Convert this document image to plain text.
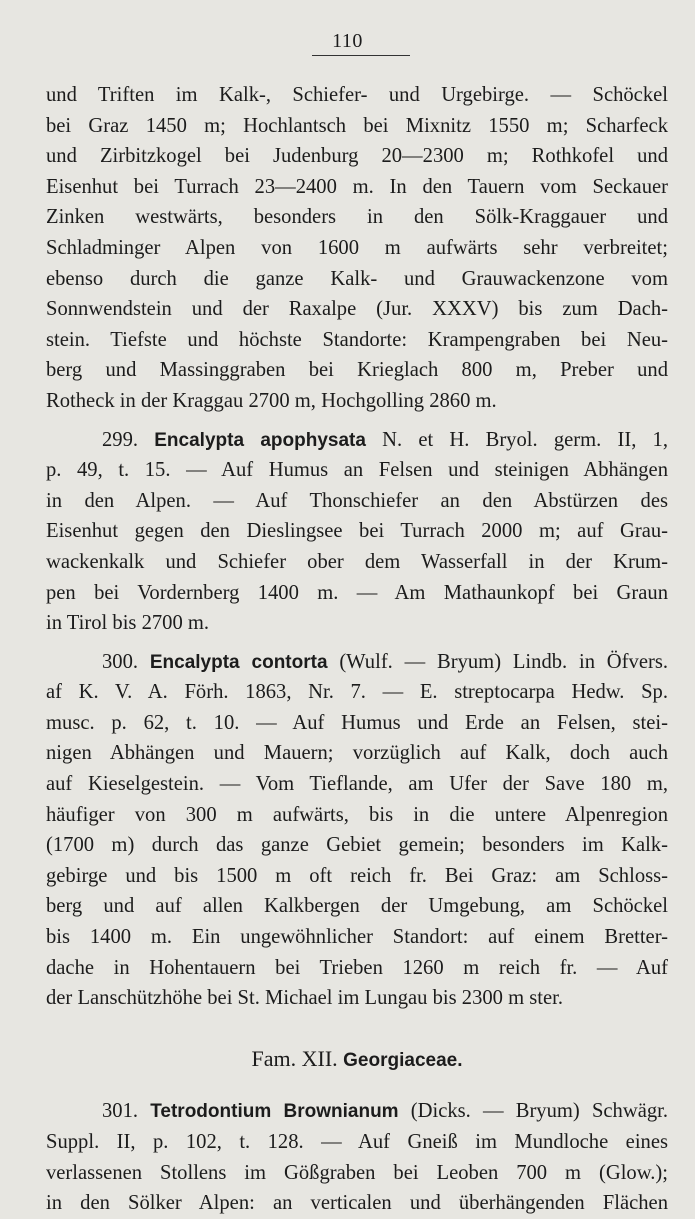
110
und Triften im Kalk-, Schiefer- und Urgebirge. — Schöckel
bei Graz 1450 m; Hochlantsch bei Mixnitz 1550 m; Scharfeck
und Zirbitzkogel bei Judenburg 20—2300 m; Rothkofel und
Eisenhut bei Turrach 23—2400 m. In den Tauern vom Seckauer
Zinken westwärts, besonders in den Sölk-Kraggauer und
Schladminger Alpen von 1600 m aufwärts sehr verbreitet;
ebenso durch die ganze Kalk- und Grauwackenzone vom
Sonnwendstein und der Raxalpe (Jur. XXXV) bis zum Dach-
stein. Tiefste und höchste Standorte: Krampengraben bei Neu-
berg und Massinggraben bei Krieglach 800 m, Preber und
Rotheck in der Kraggau 2700 m, Hochgolling 2860 m.
299. Encalypta apophysata N. et H. Bryol. germ. II, 1,
p. 49, t. 15. — Auf Humus an Felsen und steinigen Abhängen
in den Alpen. — Auf Thonschiefer an den Abstürzen des
Eisenhut gegen den Dieslingsee bei Turrach 2000 m; auf Grau-
wackenkalk und Schiefer ober dem Wasserfall in der Krum-
pen bei Vordernberg 1400 m. — Am Mathaunkopf bei Graun
in Tirol bis 2700 m.
300. Encalypta contorta (Wulf. — Bryum) Lindb. in Öfvers.
af K. V. A. Förh. 1863, Nr. 7. — E. streptocarpa Hedw. Sp.
musc. p. 62, t. 10. — Auf Humus und Erde an Felsen, stei-
nigen Abhängen und Mauern; vorzüglich auf Kalk, doch auch
auf Kieselgestein. — Vom Tieflande, am Ufer der Save 180 m,
häufiger von 300 m aufwärts, bis in die untere Alpenregion
(1700 m) durch das ganze Gebiet gemein; besonders im Kalk-
gebirge und bis 1500 m oft reich fr. Bei Graz: am Schloss-
berg und auf allen Kalkbergen der Umgebung, am Schöckel
bis 1400 m. Ein ungewöhnlicher Standort: auf einem Bretter-
dache in Hohentauern bei Trieben 1260 m reich fr. — Auf
der Lanschützhöhe bei St. Michael im Lungau bis 2300 m ster.
Fam. XII. Georgiaceae.
301. Tetrodontium Brownianum (Dicks. — Bryum) Schwägr.
Suppl. II, p. 102, t. 128. — Auf Gneiß im Mundloche eines
verlassenen Stollens im Gößgraben bei Leoben 700 m (Glow.);
in den Sölker Alpen: an verticalen und überhängenden Flächen
